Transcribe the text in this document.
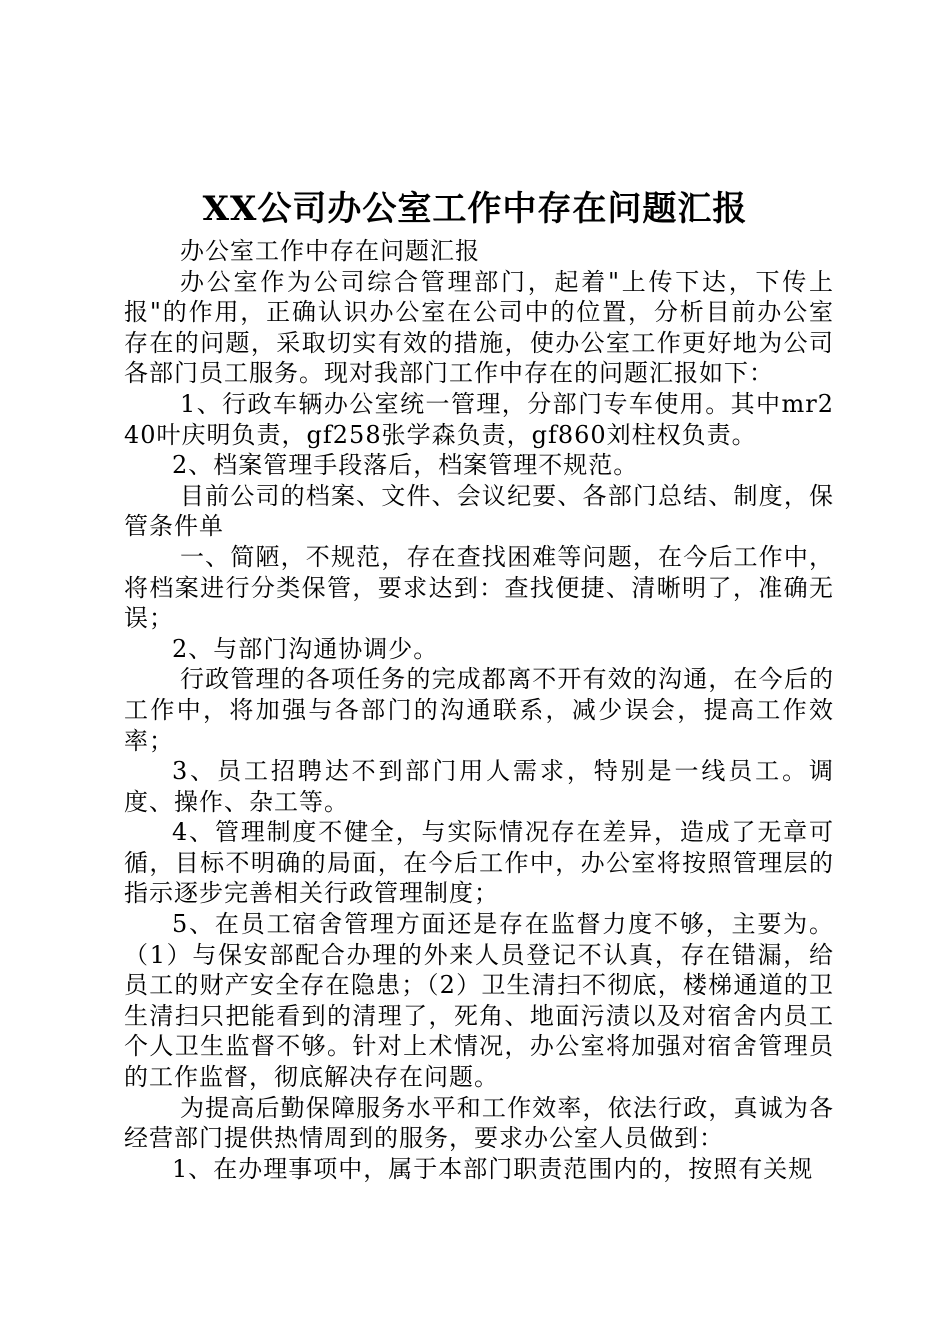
XX公司办公室工作中存在问题汇报

办公室工作中存在问题汇报

办公室作为公司综合管理部门，起着"上传下达，下传上报"的作用，正确认识办公室在公司中的位置，分析目前办公室存在的问题，采取切实有效的措施，使办公室工作更好地为公司各部门员工服务。现对我部门工作中存在的问题汇报如下：

1、行政车辆办公室统一管理，分部门专车使用。其中mr240叶庆明负责，gf258张学森负责，gf860刘柱权负责。

2、档案管理手段落后，档案管理不规范。

目前公司的档案、文件、会议纪要、各部门总结、制度，保管条件单

一、简陋，不规范，存在查找困难等问题，在今后工作中，将档案进行分类保管，要求达到：查找便捷、清晰明了，准确无误；

2、与部门沟通协调少。

行政管理的各项任务的完成都离不开有效的沟通，在今后的工作中，将加强与各部门的沟通联系，减少误会，提高工作效率；

3、员工招聘达不到部门用人需求，特别是一线员工。调度、操作、杂工等。

4、管理制度不健全，与实际情况存在差异，造成了无章可循，目标不明确的局面，在今后工作中，办公室将按照管理层的指示逐步完善相关行政管理制度；

5、在员工宿舍管理方面还是存在监督力度不够，主要为。（1）与保安部配合办理的外来人员登记不认真，存在错漏，给员工的财产安全存在隐患；（2）卫生清扫不彻底，楼梯通道的卫生清扫只把能看到的清理了，死角、地面污渍以及对宿舍内员工个人卫生监督不够。针对上术情况，办公室将加强对宿舍管理员的工作监督，彻底解决存在问题。

为提高后勤保障服务水平和工作效率，依法行政，真诚为各经营部门提供热情周到的服务，要求办公室人员做到：

1、在办理事项中，属于本部门职责范围内的，按照有关规
